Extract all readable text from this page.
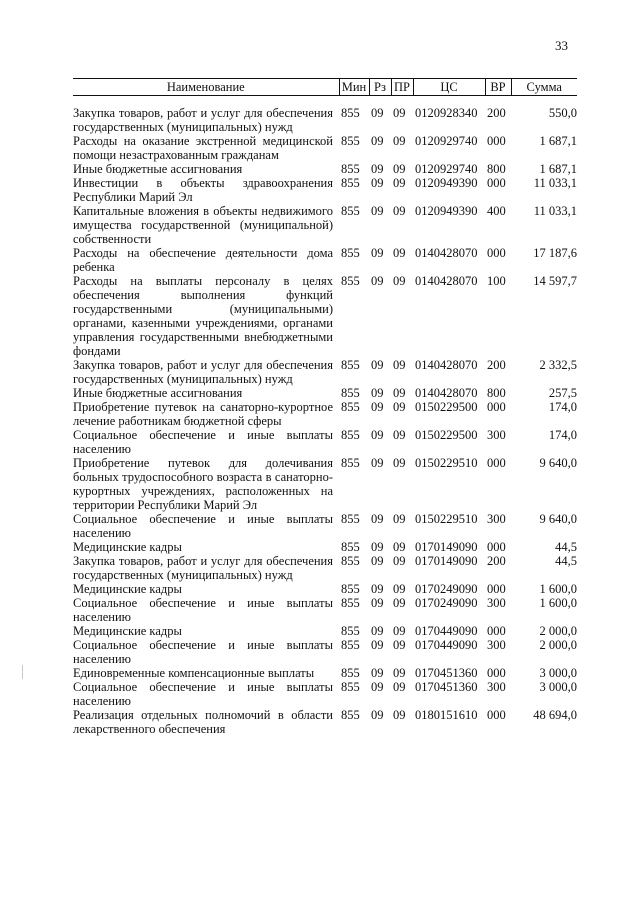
33
Наименование	Мин	Рз	ПР	ЦС	ВР	Сумма
Закупка товаров, работ и услуг для обеспечения государственных (муниципальных) нужд	855	09	09	0120928340	200	550,0
Расходы на оказание экстренной медицинской помощи незастрахованным гражданам	855	09	09	0120929740	000	1 687,1
Иные бюджетные ассигнования	855	09	09	0120929740	800	1 687,1
Инвестиции в объекты здравоохранения Республики Марий Эл	855	09	09	0120949390	000	11 033,1
Капитальные вложения в объекты недвижимого имущества государственной (муниципальной) собственности	855	09	09	0120949390	400	11 033,1
Расходы на обеспечение деятельности дома ребенка	855	09	09	0140428070	000	17 187,6
Расходы на выплаты персоналу в целях обеспечения выполнения функций государственными (муниципальными) органами, казенными учреждениями, органами управления государственными внебюджетными фондами	855	09	09	0140428070	100	14 597,7
Закупка товаров, работ и услуг для обеспечения государственных (муниципальных) нужд	855	09	09	0140428070	200	2 332,5
Иные бюджетные ассигнования	855	09	09	0140428070	800	257,5
Приобретение путевок на санаторно-курортное лечение работникам бюджетной сферы	855	09	09	0150229500	000	174,0
Социальное обеспечение и иные выплаты населению	855	09	09	0150229500	300	174,0
Приобретение путевок для долечивания больных трудоспособного возраста в санаторно-курортных учреждениях, расположенных на территории Республики Марий Эл	855	09	09	0150229510	000	9 640,0
Социальное обеспечение и иные выплаты населению	855	09	09	0150229510	300	9 640,0
Медицинские кадры	855	09	09	0170149090	000	44,5
Закупка товаров, работ и услуг для обеспечения государственных (муниципальных) нужд	855	09	09	0170149090	200	44,5
Медицинские кадры	855	09	09	0170249090	000	1 600,0
Социальное обеспечение и иные выплаты населению	855	09	09	0170249090	300	1 600,0
Медицинские кадры	855	09	09	0170449090	000	2 000,0
Социальное обеспечение и иные выплаты населению	855	09	09	0170449090	300	2 000,0
Единовременные компенсационные выплаты	855	09	09	0170451360	000	3 000,0
Социальное обеспечение и иные выплаты населению	855	09	09	0170451360	300	3 000,0
Реализация отдельных полномочий в области лекарственного обеспечения	855	09	09	0180151610	000	48 694,0
